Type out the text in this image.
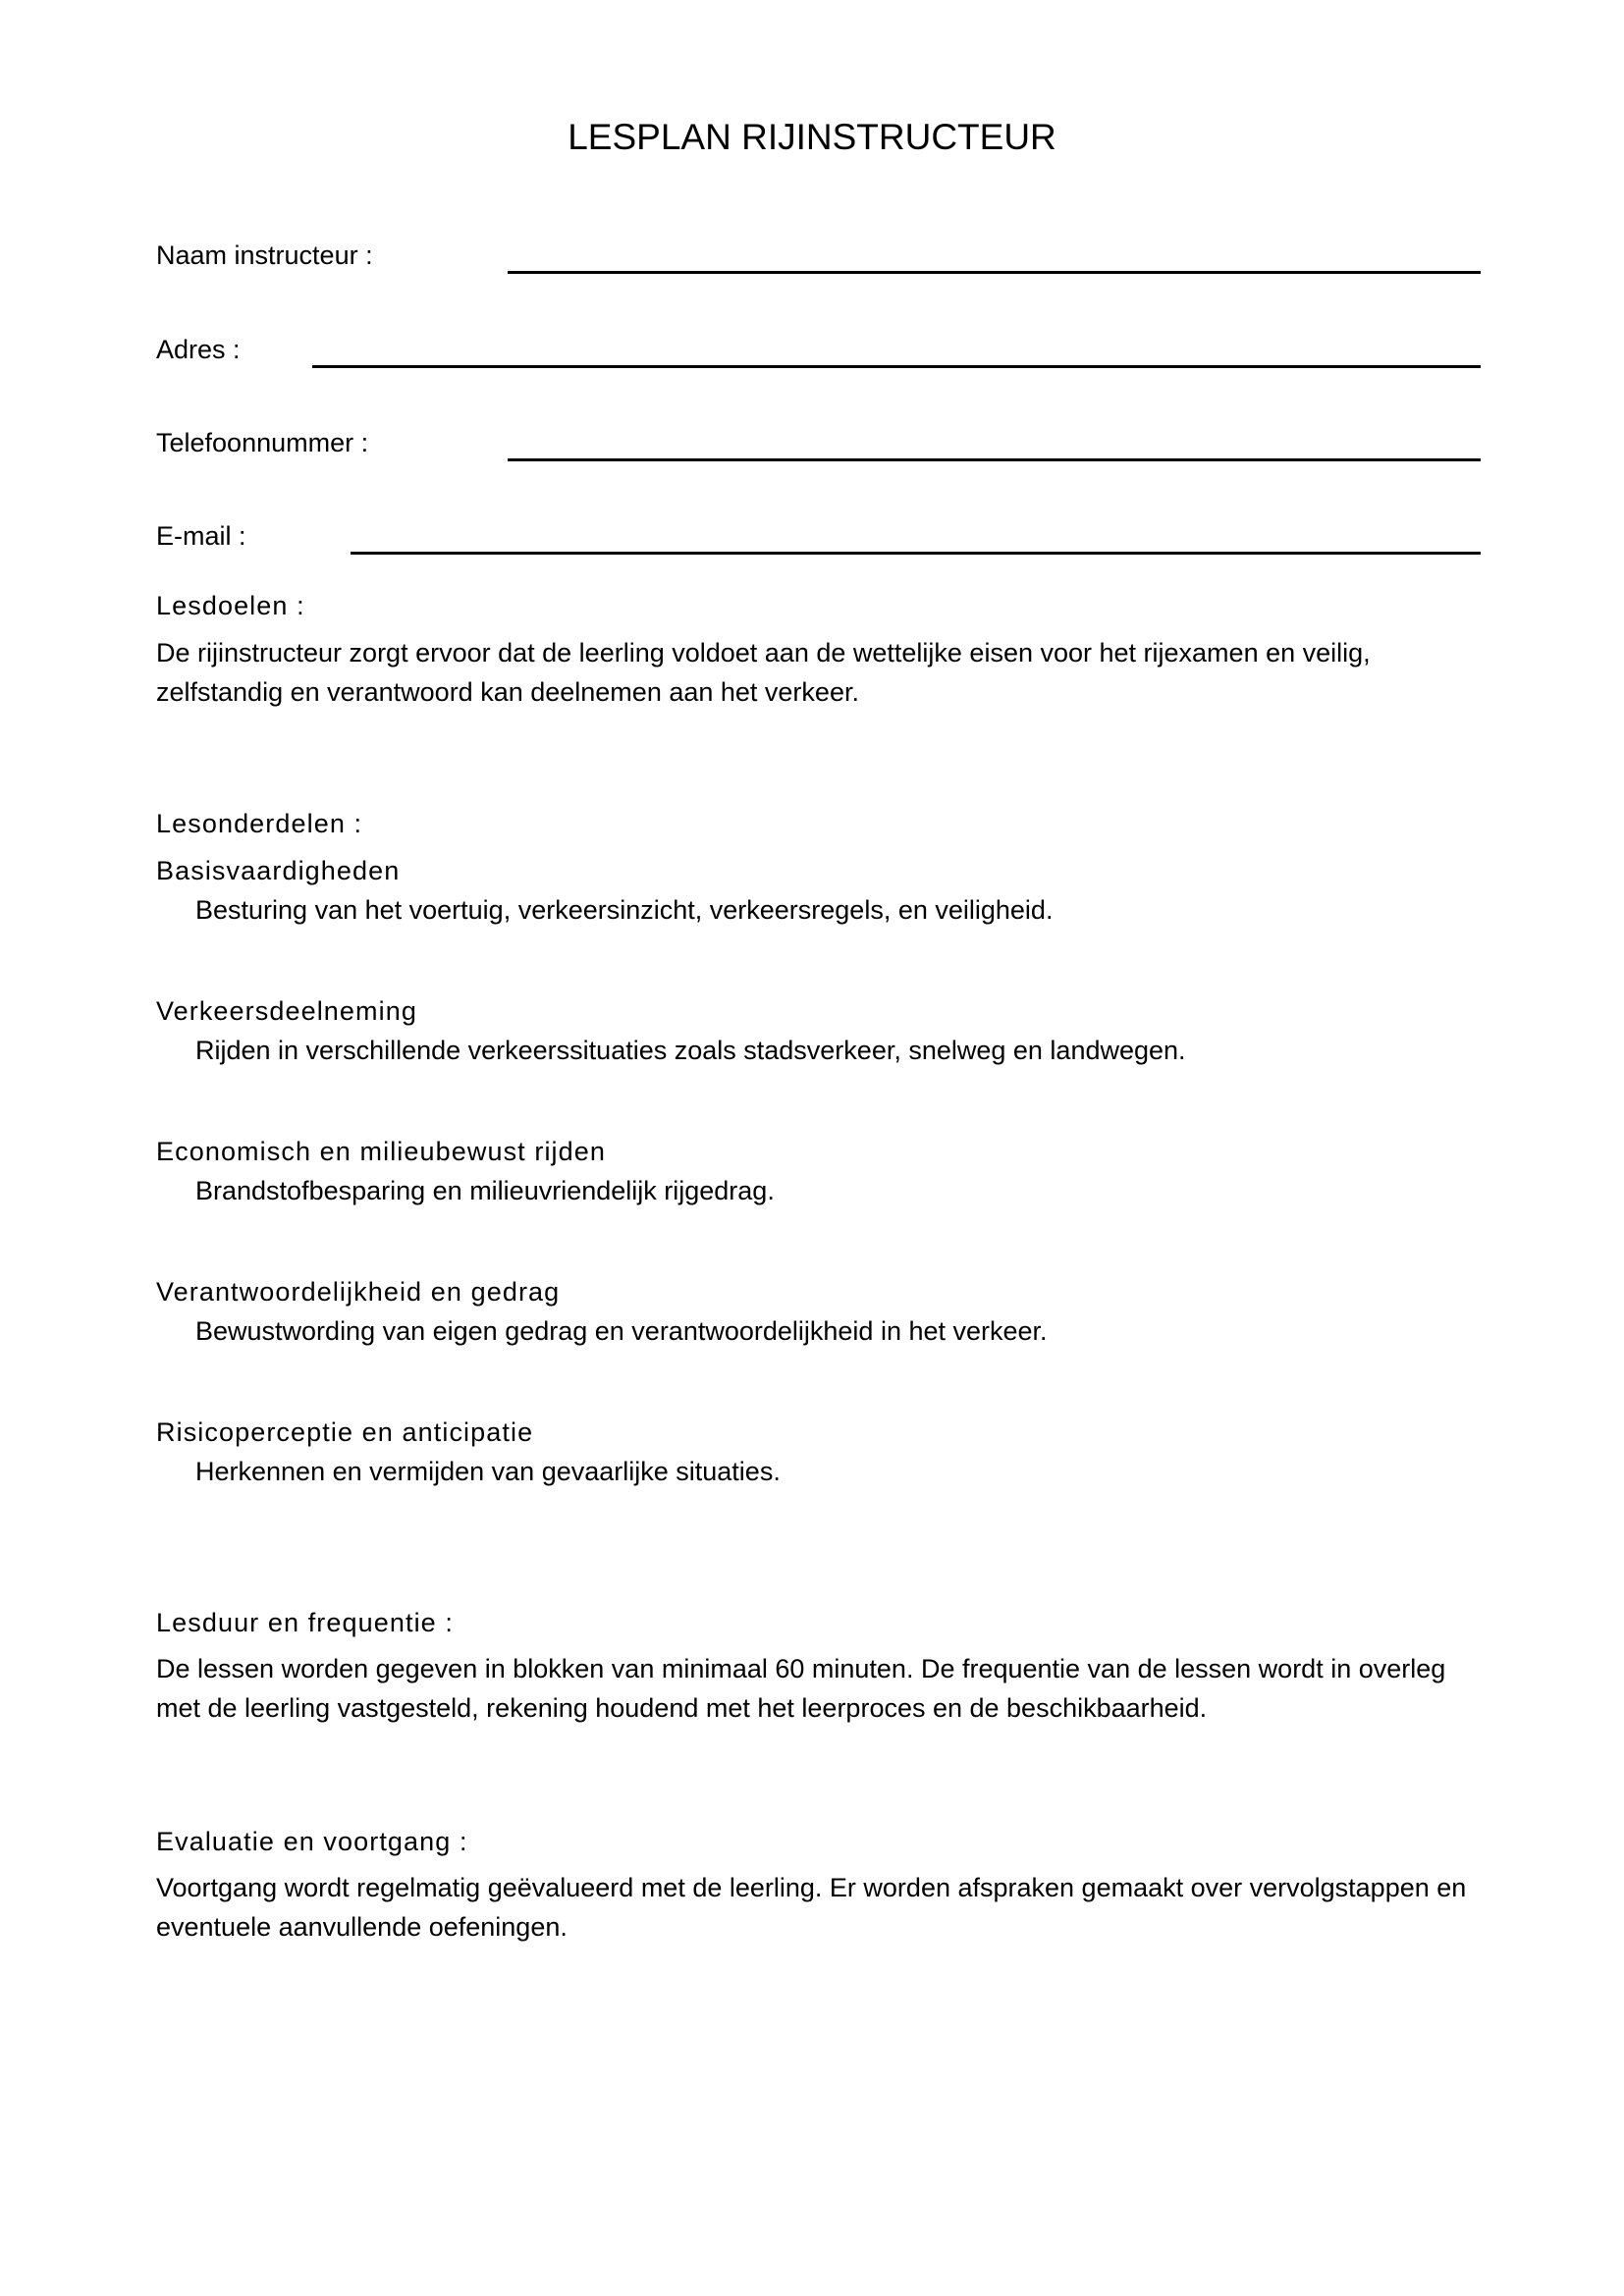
LESPLAN RIJINSTRUCTEUR
Naam instructeur :
Adres :
Telefoonnummer :
E-mail :
Lesdoelen :

De rijinstructeur zorgt ervoor dat de leerling voldoet aan de wettelijke eisen voor het rijexamen en veilig, zelfstandig en verantwoord kan deelnemen aan het verkeer.

Lesonderdelen :
Basisvaardigheden

Besturing van het voertuig, verkeersinzicht, verkeersregels, en veiligheid.

Verkeersdeelneming

Rijden in verschillende verkeerssituaties zoals stadsverkeer, snelweg en landwegen.

Economisch en milieubewust rijden

Brandstofbesparing en milieuvriendelijk rijgedrag.

Verantwoordelijkheid en gedrag

Bewustwording van eigen gedrag en verantwoordelijkheid in het verkeer.

Risicoperceptie en anticipatie

Herkennen en vermijden van gevaarlijke situaties.

Lesduur en frequentie :

De lessen worden gegeven in blokken van minimaal 60 minuten. De frequentie van de lessen wordt in overleg met de leerling vastgesteld, rekening houdend met het leerproces en de beschikbaarheid.

Evaluatie en voortgang :

Voortgang wordt regelmatig geëvalueerd met de leerling. Er worden afspraken gemaakt over vervolgstappen en eventuele aanvullende oefeningen.
